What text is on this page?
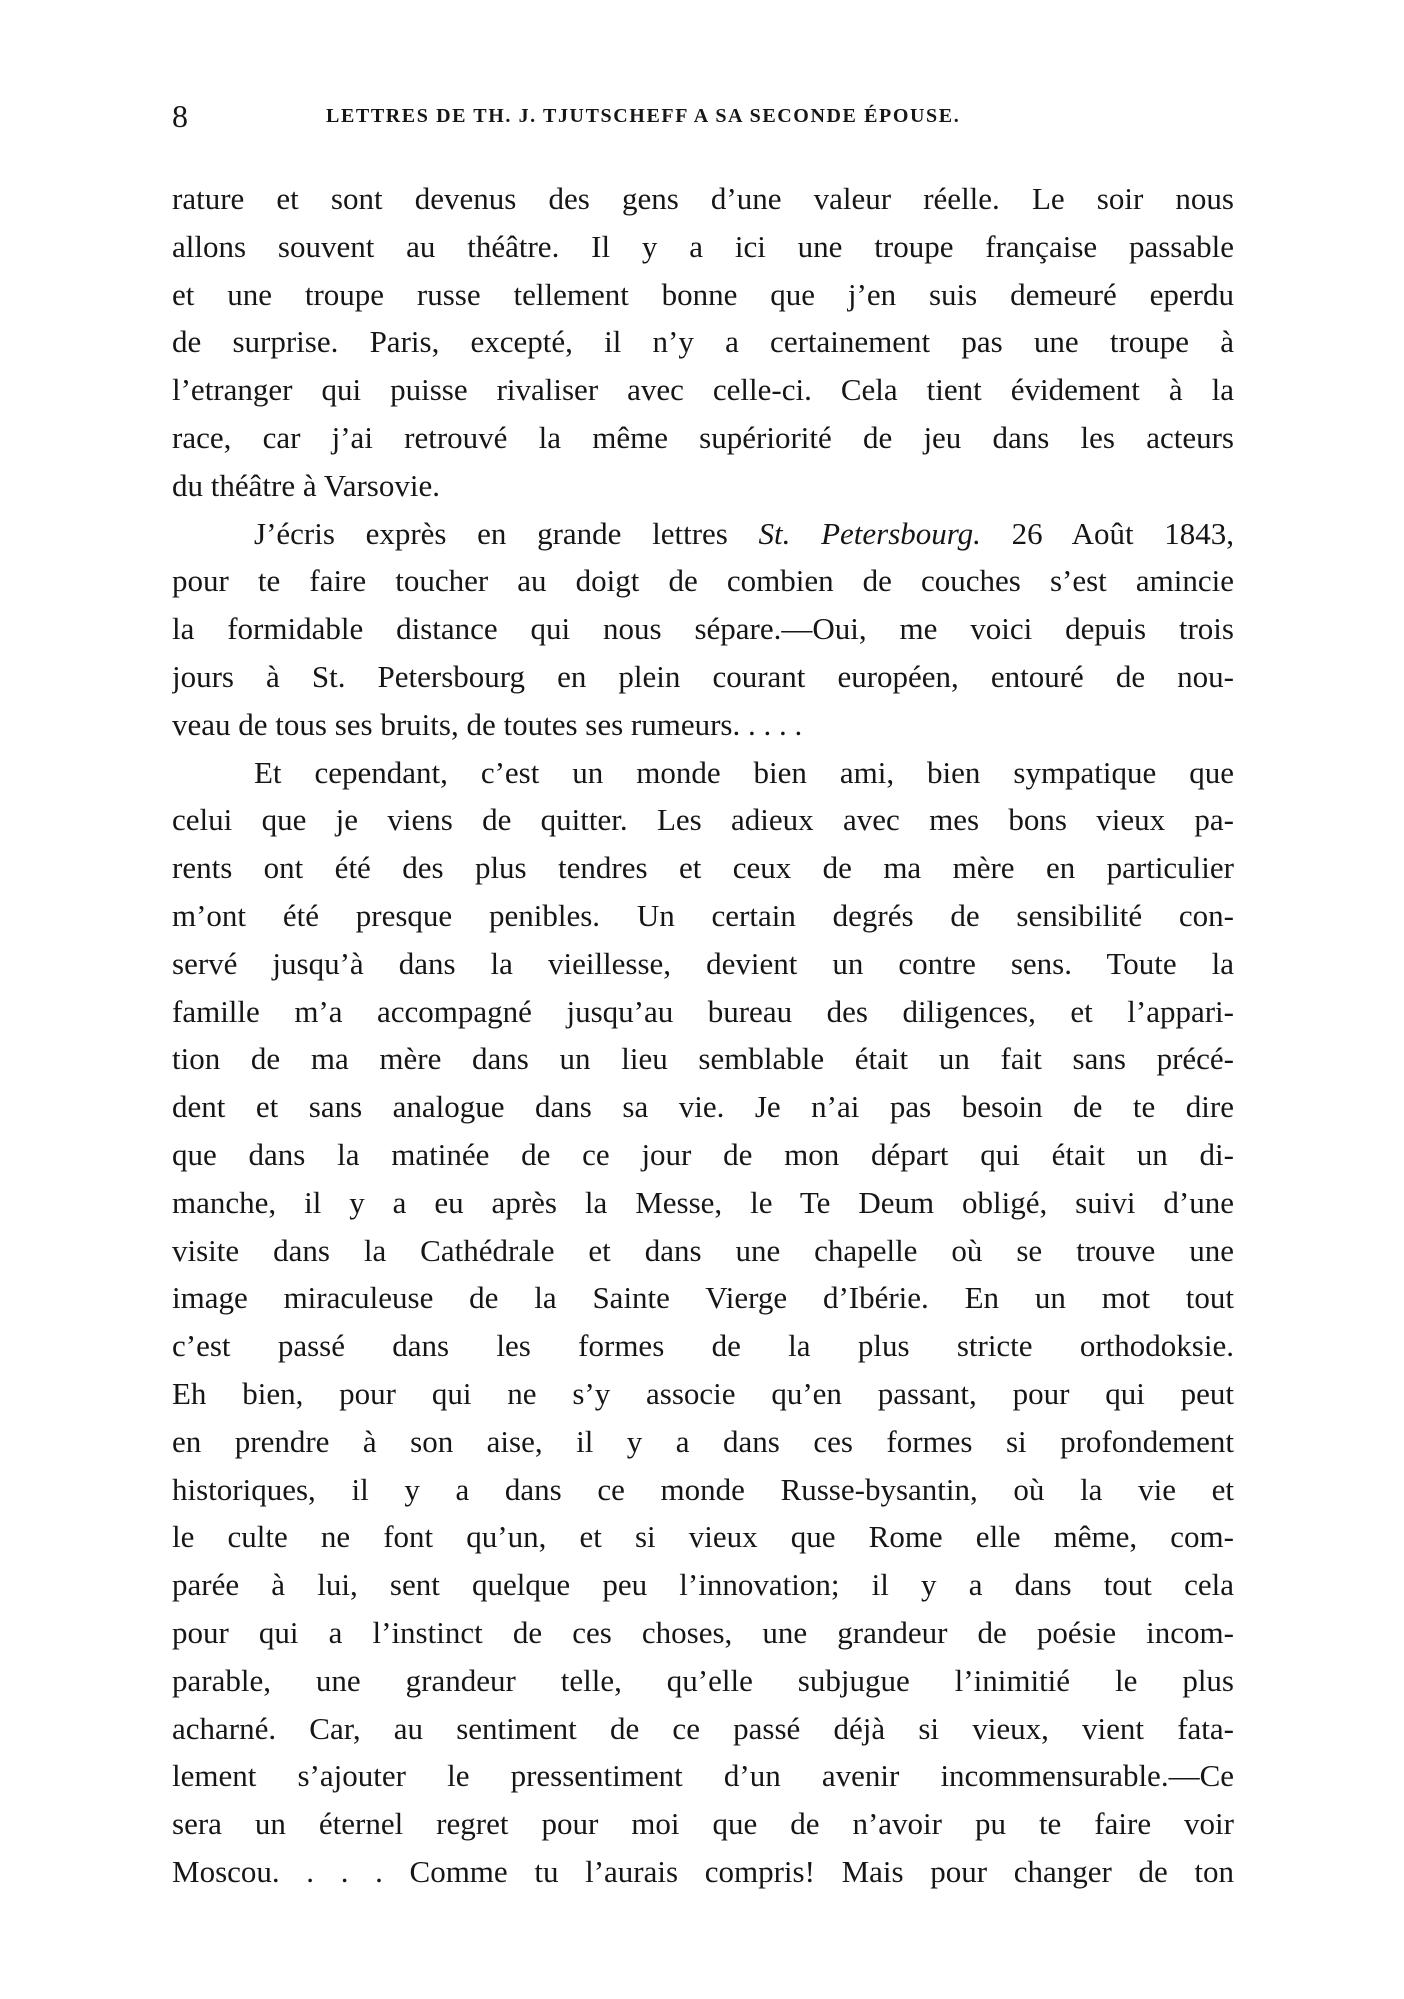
8	LETTRES DE TH. J. TJUTSCHEFF A SA SECONDE ÉPOUSE.
rature et sont devenus des gens d’une valeur réelle. Le soir nous
allons souvent au théâtre. Il y a ici une troupe française passable
et une troupe russe tellement bonne que j’en suis demeuré eperdu
de surprise. Paris, excepté, il n’y a certainement pas une troupe à
l’etranger qui puisse rivaliser avec celle-ci. Cela tient évidement à la
race, car j’ai retrouvé la même supériorité de jeu dans les acteurs
du théâtre à Varsovie.
J’écris exprès en grande lettres St. Petersbourg. 26 Août 1843,
pour te faire toucher au doigt de combien de couches s’est amincie
la formidable distance qui nous sépare.—Oui, me voici depuis trois
jours à St. Petersbourg en plein courant européen, entouré de nou-
veau de tous ses bruits, de toutes ses rumeurs. . . . .
Et cependant, c’est un monde bien ami, bien sympatique que
celui que je viens de quitter. Les adieux avec mes bons vieux pa-
rents ont été des plus tendres et ceux de ma mère en particulier
m’ont été presque penibles. Un certain degrés de sensibilité con-
servé jusqu’à dans la vieillesse, devient un contre sens. Toute la
famille m’a accompagné jusqu’au bureau des diligences, et l’appari-
tion de ma mère dans un lieu semblable était un fait sans précé-
dent et sans analogue dans sa vie. Je n’ai pas besoin de te dire
que dans la matinée de ce jour de mon départ qui était un di-
manche, il y a eu après la Messe, le Te Deum obligé, suivi d’une
visite dans la Cathédrale et dans une chapelle où se trouve une
image miraculeuse de la Sainte Vierge d’Ibérie. En un mot tout
c’est passé dans les formes de la plus stricte orthodoksie.
Eh bien, pour qui ne s’y associe qu’en passant, pour qui peut
en prendre à son aise, il y a dans ces formes si profondement
historiques, il y a dans ce monde Russe-bysantin, où la vie et
le culte ne font qu’un, et si vieux que Rome elle même, com-
parée à lui, sent quelque peu l’innovation; il y a dans tout cela
pour qui a l’instinct de ces choses, une grandeur de poésie incom-
parable, une grandeur telle, qu’elle subjugue l’inimitié le plus
acharné. Car, au sentiment de ce passé déjà si vieux, vient fata-
lement s’ajouter le pressentiment d’un avenir incommensurable.—Ce
sera un éternel regret pour moi que de n’avoir pu te faire voir
Moscou. . . . Comme tu l’aurais compris! Mais pour changer de ton
